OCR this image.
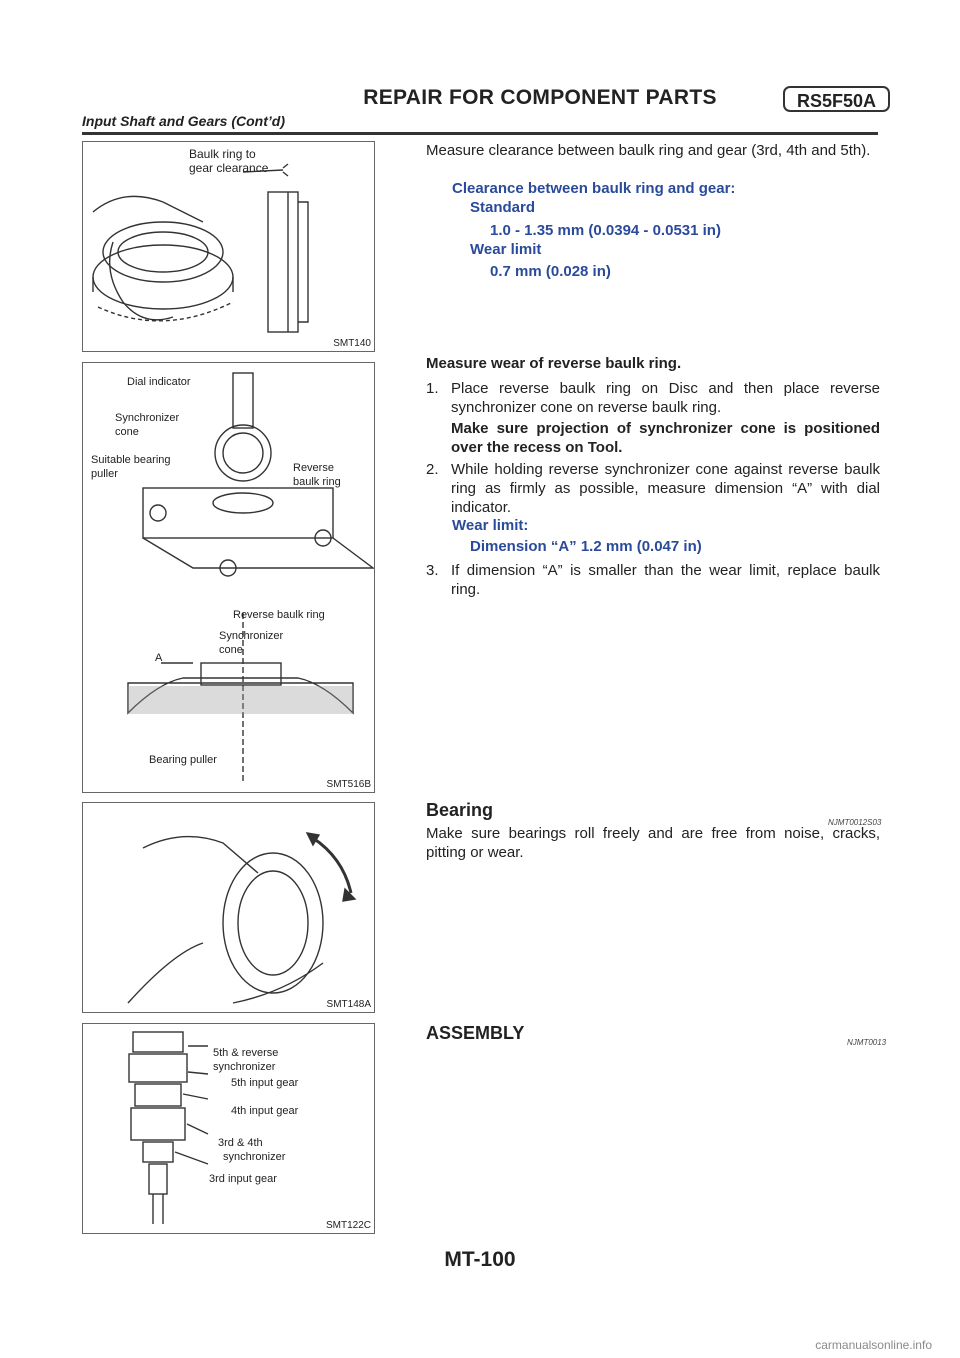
REPAIR FOR COMPONENT PARTS	RS5F50A
Input Shaft and Gears (Cont’d)
Baulk ring to
gear clearance
SMT140
Dial indicator
Synchronizer
cone
Suitable bearing
puller	Reverse
baulk ring
Reverse baulk ring
Synchronizer
cone
A
Bearing puller
SMT516B
SMT148A
5th & reverse
synchronizer
5th input gear
4th input gear
3rd & 4th
synchronizer
3rd input gear
SMT122C
Measure clearance between baulk ring and gear (3rd, 4th and 5th).
Clearance between baulk ring and gear:
Standard
1.0 - 1.35 mm (0.0394 - 0.0531 in)
Wear limit
0.7 mm (0.028 in)
Measure wear of reverse baulk ring.
1. Place reverse baulk ring on Disc and then place reverse synchronizer cone on reverse baulk ring.
Make sure projection of synchronizer cone is positioned over the recess on Tool.
2. While holding reverse synchronizer cone against reverse baulk ring as firmly as possible, measure dimension “A” with dial indicator.
Wear limit:
Dimension “A” 1.2 mm (0.047 in)
3. If dimension “A” is smaller than the wear limit, replace baulk ring.
Bearing
NJMT0012S03
Make sure bearings roll freely and are free from noise, cracks, pitting or wear.
ASSEMBLY	NJMT0013
MT-100
carmanualsonline.info
